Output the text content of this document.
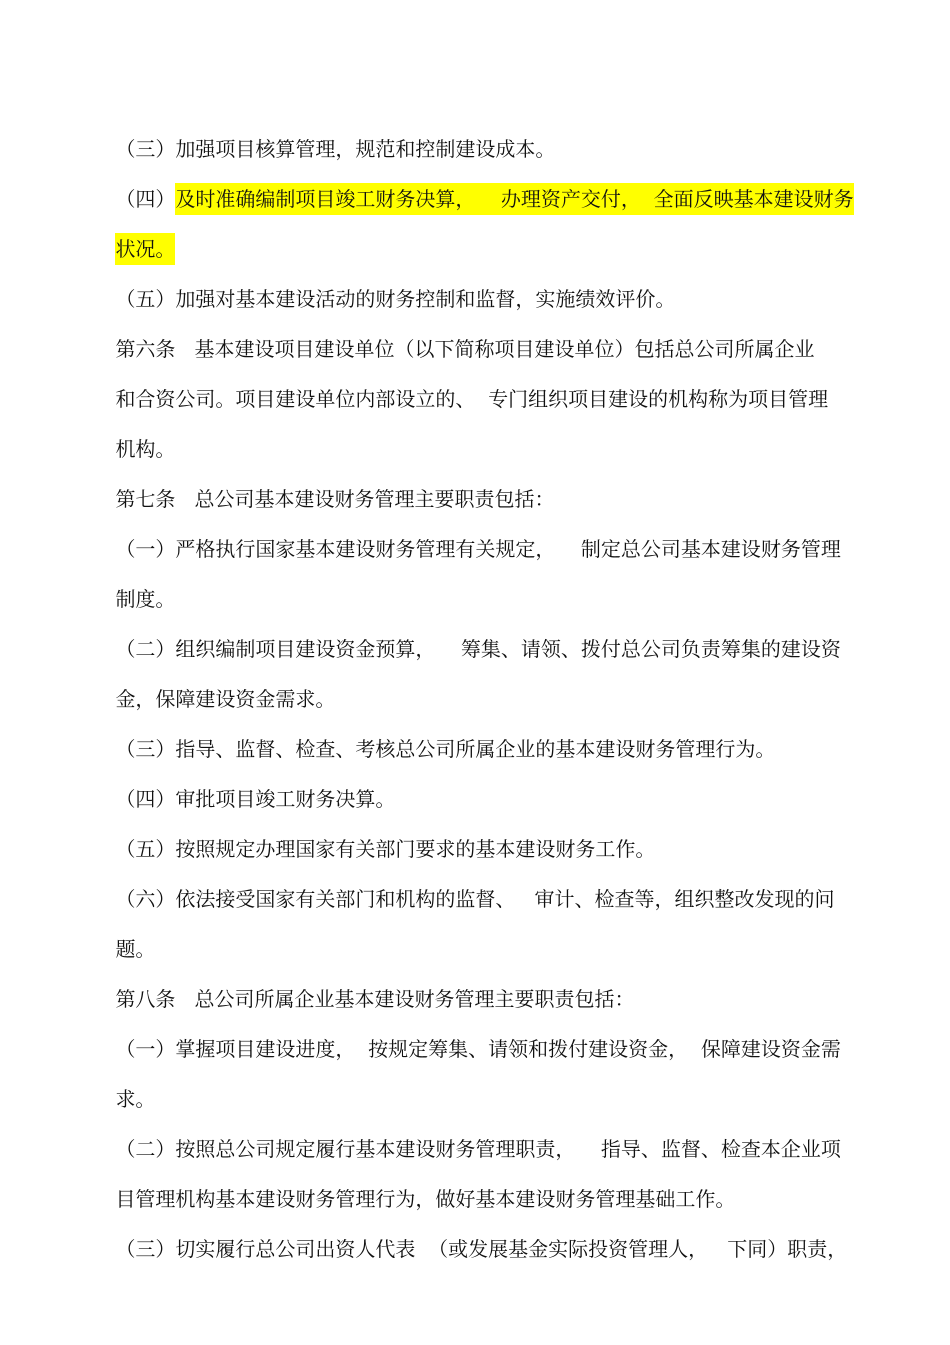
（三）加强项目核算管理，规范和控制建设成本。

（四）及时准确编制项目竣工财务决算，    办理资产交付，  全面反映基本建设财务

状况。

（五）加强对基本建设活动的财务控制和监督，实施绩效评价。

第六条   基本建设项目建设单位（以下简称项目建设单位）包括总公司所属企业

和合资公司。项目建设单位内部设立的、  专门组织项目建设的机构称为项目管理

机构。

第七条   总公司基本建设财务管理主要职责包括：

（一）严格执行国家基本建设财务管理有关规定，    制定总公司基本建设财务管理

制度。

（二）组织编制项目建设资金预算，    筹集、请领、拨付总公司负责筹集的建设资

金，保障建设资金需求。

（三）指导、监督、检查、考核总公司所属企业的基本建设财务管理行为。

（四）审批项目竣工财务决算。

（五）按照规定办理国家有关部门要求的基本建设财务工作。

（六）依法接受国家有关部门和机构的监督、   审计、检查等，组织整改发现的问

题。

第八条   总公司所属企业基本建设财务管理主要职责包括：

（一）掌握项目建设进度，  按规定筹集、请领和拨付建设资金，  保障建设资金需

求。

（二）按照总公司规定履行基本建设财务管理职责，    指导、监督、检查本企业项

目管理机构基本建设财务管理行为，做好基本建设财务管理基础工作。

（三）切实履行总公司出资人代表  （或发展基金实际投资管理人，   下同）职责，
